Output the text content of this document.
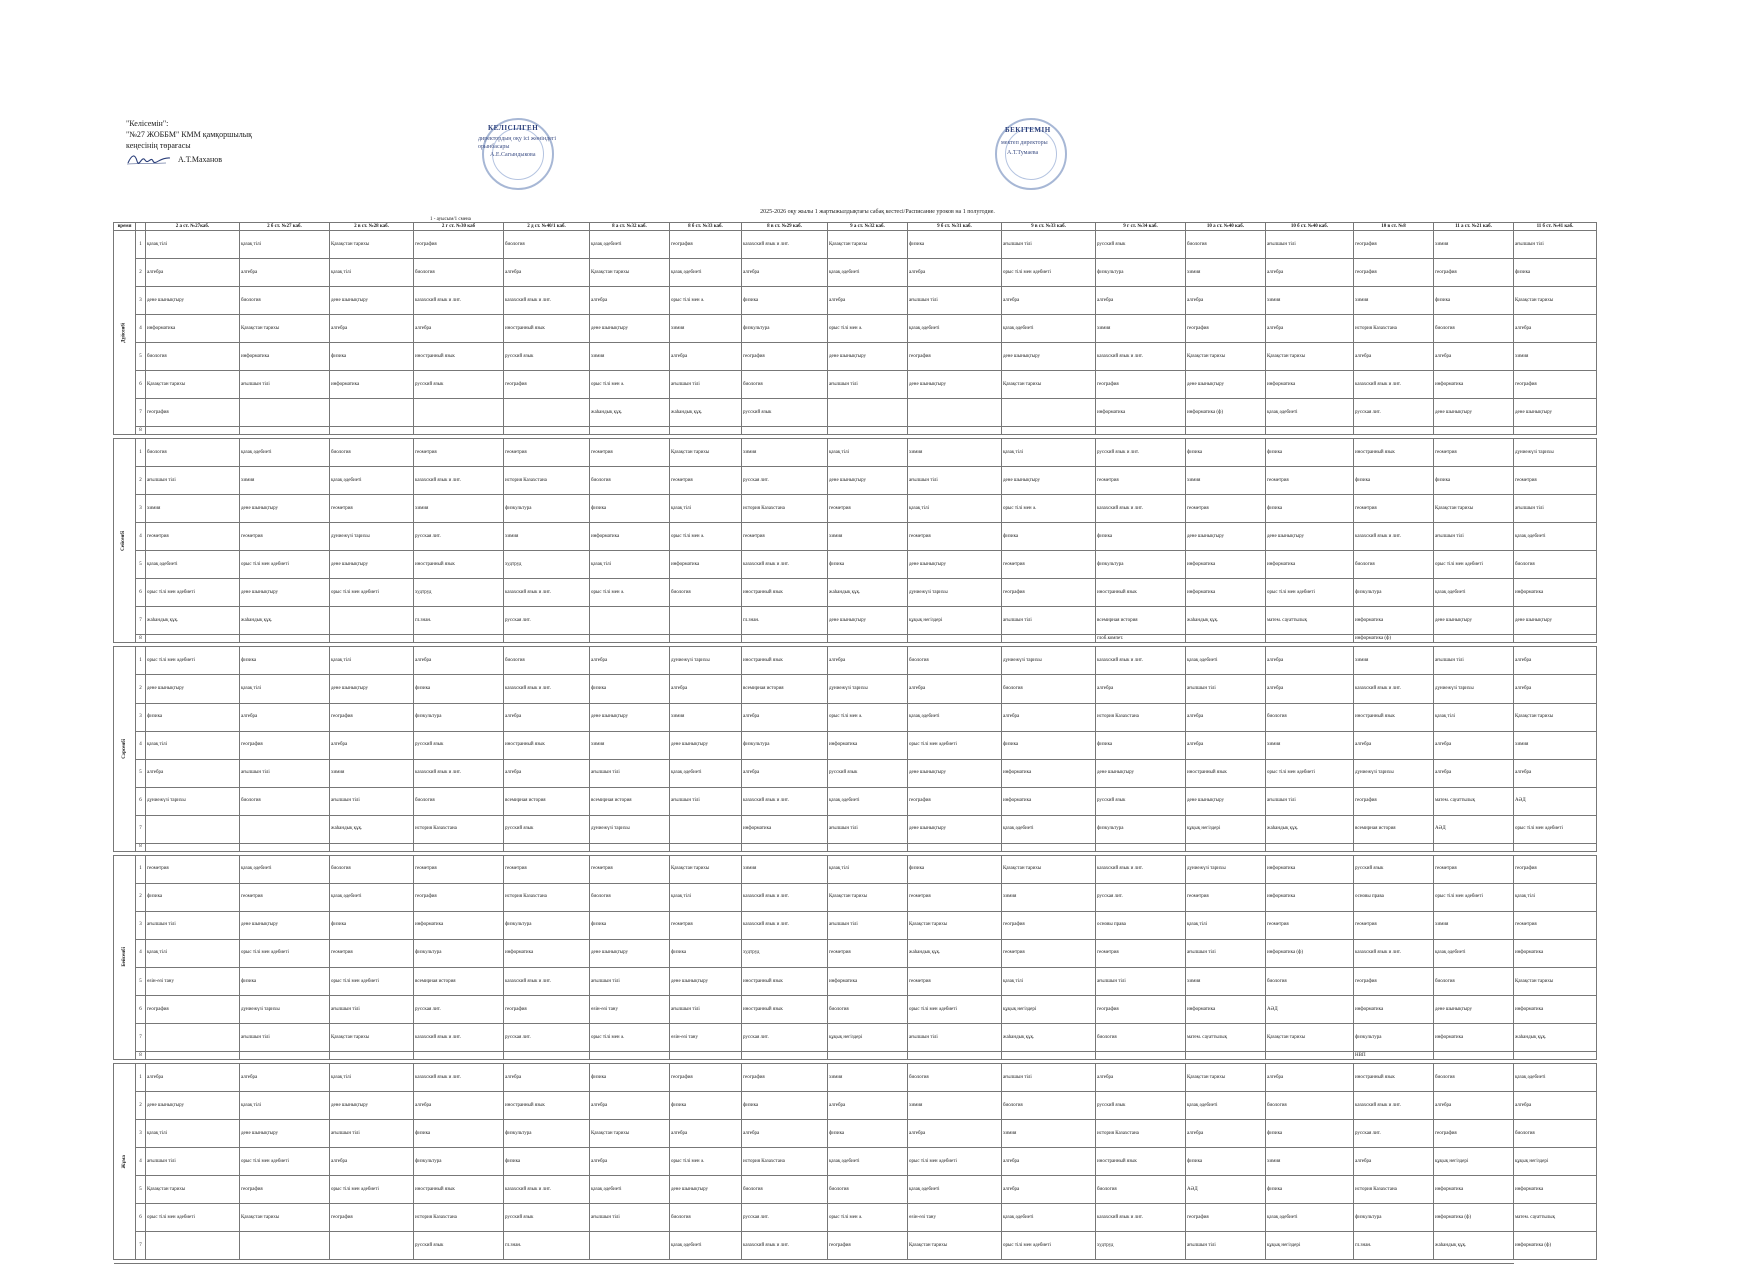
"Келісемін":
"№27 ЖОББМ" КММ қамқоршылық
кеңесінің төрағасы
А.Т.Маханов
КЕЛІСІЛГЕН
директордың оқу ісі жөніндегі
орынбасары
А.Е.Сагындыкова
БЕКІТЕМІН
мектеп директоры
А.Т.Тумаева
2025-2026 оқу жылы 1 жартыжылдықтағы сабақ кестесі/Расписание уроков на 1 полугодие.
1 - ауысым/1 смена
время		2 а ст. №27каб.	2 б ст. №27 каб.	2 в ст. №28 каб.	2 г ст. №30 каб	2 д ст. №40/1 каб.	8 а ст. №32 каб.	8 б ст. №33 каб.	8 в ст. №29 каб.	9 а ст. №32 каб.	9 б ст. №31 каб.	9 в ст. №33 каб.	9 г ст. №34 каб.	10 а ст. №40 каб.	10 б ст. №40 каб.	10 в ст. №8	11 а ст. №21 каб.	11 б ст. №41 каб.	
Дүйсенбі		1	қазақ тілі	қазақ тілі	Қазақстан тарихы	география	биология	қазақ әдебиеті	география	казахский язык и лит.	Қазақстан тарихы	физика	ағылшын тілі	русский язык	биология	ағылшын тілі	география	химия	ағылшын тілі	
	2	алгебра	алгебра	қазақ тілі	биология	алгебра	Қазақстан тарихы	қазақ әдебиеті	алгебра	қазақ әдебиеті	алгебра	орыс тілі мен әдебиеті	физкультура	химия	алгебра	география	география	физика	
	3	дене шынықтыру	биология	дене шынықтыру	казахский язык и лит.	казахский язык и лит.	алгебра	орыс тілі мен ә.	физика	алгебра	ағылшын тілі	алгебра	алгебра	алгебра	химия	химия	физика	Қазақстан тарихы	
	4	информатика	Қазақстан тарихы	алгебра	алгебра	иностранный язык	дене шынықтыру	химия	физкультура	орыс тілі мен ә.	қазақ әдебиеті	қазақ әдебиеті	химия	география	алгебра	история Казахстана	биология	алгебра	
	5	биология	информатика	физика	иностранный язык	русский язык	химия	алгебра	география	дене шынықтыру	география	дене шынықтыру	казахский язык и лит.	Қазақстан тарихы	Қазақстан тарихы	алгебра	алгебра	химия	
	6	Қазақстан тарихы	ағылшын тілі	информатика	русский язык	география	орыс тілі мен ә.	ағылшын тілі	биология	ағылшын тілі	дене шынықтыру	Қазақстан тарихы	география	дене шынықтыру	информатика	казахский язык и лит.	информатика	география	
	7	география					жаhандық құқ.	жаhандық құқ.	русский язык				информатика	информатика (ф)	қазақ әдебиеті	русская лит.	дене шынықтыру	дене шынықтыру	
	8																		

Сейсенбі		1	биология	қазақ әдебиеті	биология	геометрия	геометрия	геометрия	Қазақстан тарихы	химия	қазақ тілі	химия	қазақ тілі	русский язык и лит.	физика	физика	иностранный язык	геометрия	дүниежүзі тарихы	
	2	ағылшын тілі	химия	қазақ әдебиеті	казахский язык и лит.	история Казахстана	биология	геометрия	русская лит.	дене шынықтыру	ағылшын тілі	дене шынықтыру	геометрия	химия	геометрия	физика	физика	геометрия	
	3	химия	дене шынықтыру	геометрия	химия	физкультура	физика	қазақ тілі	история Казахстана	геометрия	қазақ тілі	орыс тілі мен ә.	казахский язык и лит.	геометрия	физика	геометрия	Қазақстан тарихы	ағылшын тілі	
	4	геометрия	геометрия	дүниежүзі тарихы	русская лит.	химия	информатика	орыс тілі мен ә.	геометрия	химия	геометрия	физика	физика	дене шынықтыру	дене шынықтыру	казахский язык и лит.	ағылшын тілі	қазақ әдебиеті	
	5	қазақ әдебиеті	орыс тілі мен әдебиеті	дене шынықтыру	иностранный язык	худтруд	қазақ тілі	информатика	казахский язык и лит.	физика	дене шынықтыру	геометрия	физкультура	информатика	информатика	биология	орыс тілі мен әдебиеті	биология	
	6	орыс тілі мен әдебиеті	дене шынықтыру	орыс тілі мен әдебиеті	худтруд	казахский язык и лит.	орыс тілі мен ә.	биология	иностранный язык	жаhандық құқ.	дүниежүзі тарихы	география	иностранный язык	информатика	орыс тілі мен әдебиеті	физкультура	қазақ әдебиеті	информатика	
	7	жаhандық құқ.	жаhандық құқ.		гл.знан.	русская лит.			гл.знан.	дене шынықтыру	құқық негіздері	ағылшын тілі	всемирная история	жаhандық құқ.	матем. сауаттылық	информатика	дене шынықтыру	дене шынықтыру	
	8												глоб.компет.			информатика (ф)			

Сәрсенбі		1	орыс тілі мен әдебиеті	физика	қазақ тілі	алгебра	биология	алгебра	дүниежүзі тарихы	иностранный язык	алгебра	биология	дүниежүзі тарихы	казахский язык и лит.	қазақ әдебиеті	алгебра	химия	ағылшын тілі	алгебра	
	2	дене шынықтыру	қазақ тілі	дене шынықтыру	физика	казахский язык и лит.	физика	алгебра	всемирная история	дүниежүзі тарихы	алгебра	биология	алгебра	ағылшын тілі	алгебра	казахский язык и лит.	дүниежүзі тарихы	алгебра	
	3	физика	алгебра	география	физкультура	алгебра	дене шынықтыру	химия	алгебра	орыс тілі мен ә.	қазақ әдебиеті	алгебра	история Казахстана	алгебра	биология	иностранный язык	қазақ тілі	Қазақстан тарихы	
	4	қазақ тілі	география	алгебра	русский язык	иностранный язык	химия	дене шынықтыру	физкультура	информатика	орыс тілі мен әдебиеті	физика	физика	алгебра	химия	алгебра	алгебра	химия	
	5	алгебра	ағылшын тілі	химия	казахский язык и лит.	алгебра	ағылшын тілі	қазақ әдебиеті	алгебра	русский язык	дене шынықтыру	информатика	дене шынықтыру	иностранный язык	орыс тілі мен әдебиеті	дүниежүзі тарихы	алгебра	алгебра	
	6	дүниежүзі тарихы	биология	ағылшын тілі	биология	всемирная история	всемирная история	ағылшын тілі	казахский язык и лит.	қазақ әдебиеті	география	информатика	русский язык	дене шынықтыру	ағылшын тілі	география	матем. сауаттылық	АӘД	
	7			жаhандық құқ.	история Казахстана	русский язык	дүниежүзі тарихы		информатика	ағылшын тілі	дене шынықтыру	қазақ әдебиеті	физкультура	құқық негіздері	жаhандық құқ.	всемирная история	АӘД	орыс тілі мен әдебиеті	
	8																		

Бейсенбі		1	геометрия	қазақ әдебиеті	биология	геометрия	геометрия	геометрия	Қазақстан тарихы	химия	қазақ тілі	физика	Қазақстан тарихы	казахский язык и лит.	дүниежүзі тарихы	информатика	русский язык	геометрия	география	
	2	физика	геометрия	қазақ әдебиеті	география	история Казахстана	биология	қазақ тілі	казахский язык и лит.	Қазақстан тарихы	геометрия	химия	русская лит.	геометрия	информатика	основы права	орыс тілі мен әдебиеті	қазақ тілі	
	3	ағылшын тілі	дене шынықтыру	физика	информатика	физкультура	физика	геометрия	казахский язык и лит.	ағылшын тілі	Қазақстан тарихы	география	основы права	қазақ тілі	геометрия	геометрия	химия	геометрия	
	4	қазақ тілі	орыс тілі мен әдебиеті	геометрия	физкультура	информатика	дене шынықтыру	физика	худтруд	геометрия	жаhандық құқ.	геометрия	геометрия	ағылшын тілі	информатика (ф)	казахский язык и лит.	қазақ әдебиеті	информатика	
	5	өзін-өзі тану	физика	орыс тілі мен әдебиеті	всемирная история	казахский язык и лит.	ағылшын тілі	дене шынықтыру	иностранный язык	информатика	геометрия	қазақ тілі	ағылшын тілі	химия	биология	география	биология	Қазақстан тарихы	
	6	география	дүниежүзі тарихы	ағылшын тілі	русская лит.	география	өзін-өзі тану	ағылшын тілі	иностранный язык	биология	орыс тілі мен әдебиеті	құқық негіздері	география	информатика	АӘД	информатика	дене шынықтыру	информатика	
	7		ағылшын тілі	Қазақстан тарихы	казахский язык и лит.	русская лит.	орыс тілі мен ә.	өзін-өзі тану	русская лит.	құқық негіздері	ағылшын тілі	жаhандық құқ.	биология	матем. сауаттылық	Қазақстан тарихы	физкультура	информатика	жаhандық құқ.	
	8															НВП			

Жұма		1	алгебра	алгебра	қазақ тілі	казахский язык и лит.	алгебра	физика	география	география	химия	биология	ағылшын тілі	алгебра	Қазақстан тарихы	алгебра	иностранный язык	биология	қазақ әдебиеті	
	2	дене шынықтыру	қазақ тілі	дене шынықтыру	алгебра	иностранный язык	алгебра	физика	физика	алгебра	химия	биология	русский язык	қазақ әдебиеті	биология	казахский язык и лит.	алгебра	алгебра	
	3	қазақ тілі	дене шынықтыру	ағылшын тілі	физика	физкультура	Қазақстан тарихы	алгебра	алгебра	физика	алгебра	химия	история Казахстана	алгебра	физика	русская лит.	география	биология	
	4	ағылшын тілі	орыс тілі мен әдебиеті	алгебра	физкультура	физика	алгебра	орыс тілі мен ә.	история Казахстана	қазақ әдебиеті	орыс тілі мен әдебиеті	алгебра	иностранный язык	физика	химия	алгебра	құқық негіздері	құқық негіздері	
	5	Қазақстан тарихы	география	орыс тілі мен әдебиеті	иностранный язык	казахский язык и лит.	қазақ әдебиеті	дене шынықтыру	биология	биология	қазақ әдебиеті	алгебра	биология	АӘД	физика	история Казахстана	информатика	информатика	
	6	орыс тілі мен әдебиеті	Қазақстан тарихы	география	история Казахстана	русский язык	ағылшын тілі	биология	русская лит.	орыс тілі мен ә.	өзін-өзі тану	қазақ әдебиеті	казахский язык и лит.	география	қазақ әдебиеті	физкультура	информатика (ф)	матем. сауаттылық	
	7				русский язык	гл.знан.		қазақ әдебиеті	казахский язык и лит.	география	Қазақстан тарихы	орыс тілі мен әдебиеті	худтруд	ағылшын тілі	құқық негіздері	гл.знан.	жаhандық құқ.	информатика (ф)	
